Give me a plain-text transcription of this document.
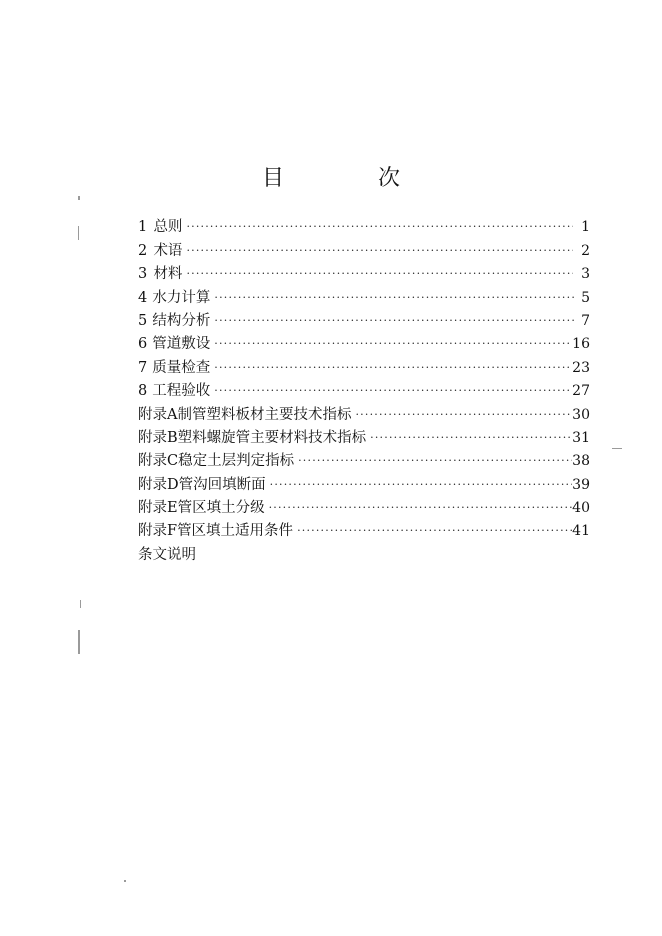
目　次
1 总则 ·····	1
2 术语 ·····	2
3 材料 ·····	3
4 水力计算 ·····	5
5 结构分析 ·····	7
6 管道敷设 ·····	16
7 质量检查 ·····	23
8 工程验收 ·····	27
附录A 制管塑料板材主要技术指标 ·····	30
附录B 塑料螺旋管主要材料技术指标 ·····	31
附录C 稳定土层判定指标 ·····	38
附录D 管沟回填断面 ·····	39
附录E 管区填土分级 ·····	40
附录F 管区填土适用条件 ·····	41
条文说明
